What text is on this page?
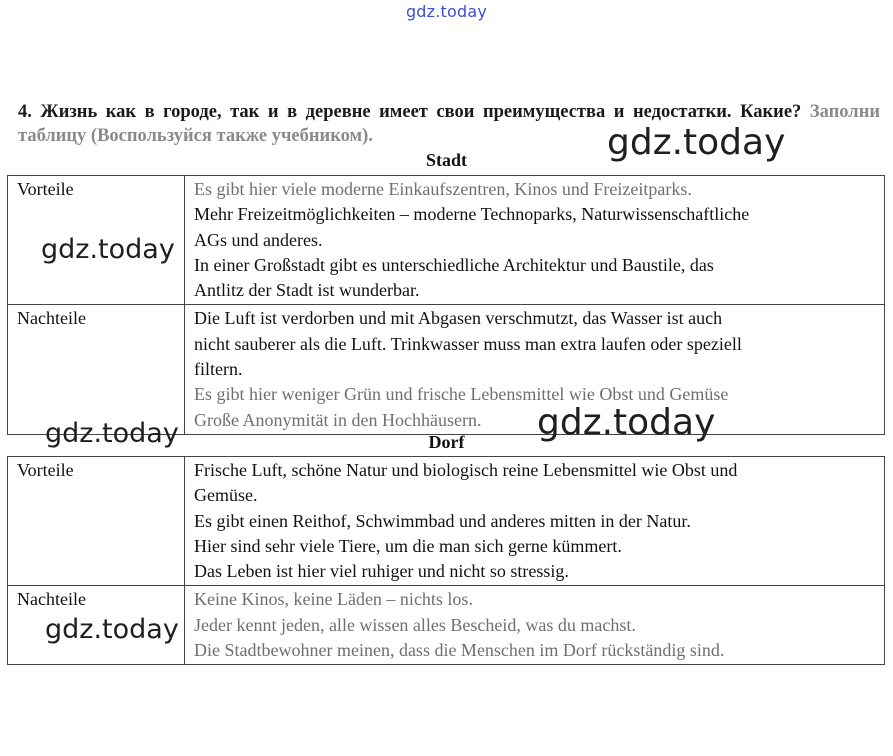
gdz.today
4. Жизнь как в городе, так и в деревне имеет свои преимущества и недостатки. Какие? Заполни таблицу (Воспользуйся также учебником).
Stadt
Vorteile	Es gibt hier viele moderne Einkaufszentren, Kinos und Freizeitparks.
Mehr Freizeitmöglichkeiten – moderne Technoparks, Naturwissenschaftliche
AGs und anderes.
In einer Großstadt gibt es unterschiedliche Architektur und Baustile, das
Antlitz der Stadt ist wunderbar.

Nachteile	Die Luft ist verdorben und mit Abgasen verschmutzt, das Wasser ist auch
nicht sauberer als die Luft. Trinkwasser muss man extra laufen oder speziell
filtern.
Es gibt hier weniger Grün und frische Lebensmittel wie Obst und Gemüse
Große Anonymität in den Hochhäusern.
Dorf
Vorteile	Frische Luft, schöne Natur und biologisch reine Lebensmittel wie Obst und
Gemüse.
Es gibt einen Reithof, Schwimmbad und anderes mitten in der Natur.
Hier sind sehr viele Tiere, um die man sich gerne kümmert.
Das Leben ist hier viel ruhiger und nicht so stressig.

Nachteile	Keine Kinos, keine Läden – nichts los.
Jeder kennt jeden, alle wissen alles Bescheid, was du machst.
Die Stadtbewohner meinen, dass die Menschen im Dorf rückständig sind.
gdz.today
gdz.today
gdz.today
gdz.today
gdz.today
